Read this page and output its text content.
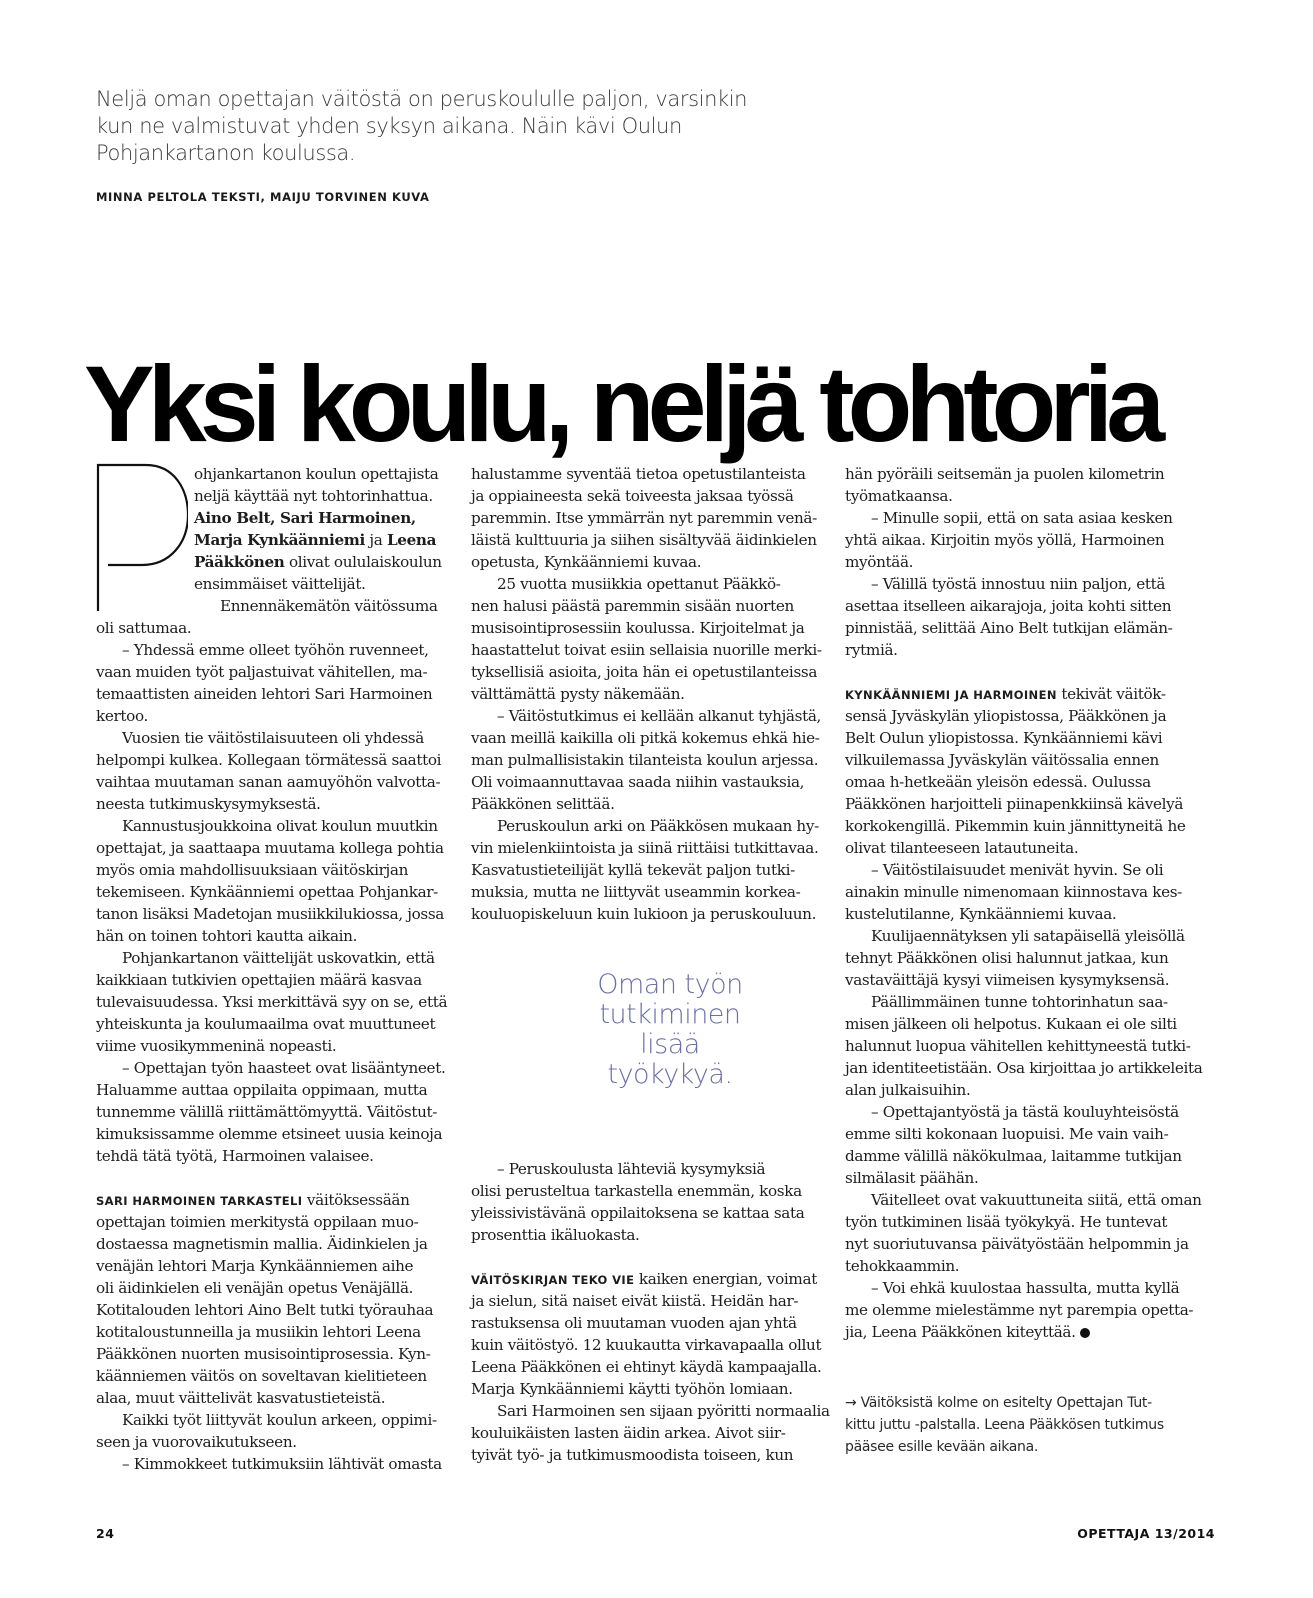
Neljä oman opettajan väitöstä on peruskoululle paljon, varsinkin
kun ne valmistuvat yhden syksyn aikana. Näin kävi Oulun
Pohjankartanon koulussa.
MINNA PELTOLA TEKSTI, MAIJU TORVINEN KUVA
Yksi koulu, neljä tohtoria
ohjankartanon koulun opettajista
neljä käyttää nyt tohtorinhattua.
Aino Belt, Sari Harmoinen,
Marja Kynkäänniemi ja Leena
Pääkkönen olivat oululaiskoulun
ensimmäiset väittelijät.
Ennennäkemätön väitössuma
oli sattumaa.
– Yhdessä emme olleet työhön ruvenneet,
vaan muiden työt paljastuivat vähitellen, ma-
temaattisten aineiden lehtori Sari Harmoinen
kertoo.
Vuosien tie väitöstilaisuuteen oli yhdessä
helpompi kulkea. Kollegaan törmätessä saattoi
vaihtaa muutaman sanan aamuyöhön valvotta-
neesta tutkimuskysymyksestä.
Kannustusjoukkoina olivat koulun muutkin
opettajat, ja saattaapa muutama kollega pohtia
myös omia mahdollisuuksiaan väitöskirjan
tekemiseen. Kynkäänniemi opettaa Pohjankar-
tanon lisäksi Madetojan musiikkilukiossa, jossa
hän on toinen tohtori kautta aikain.
Pohjankartanon väittelijät uskovatkin, että
kaikkiaan tutkivien opettajien määrä kasvaa
tulevaisuudessa. Yksi merkittävä syy on se, että
yhteiskunta ja koulumaailma ovat muuttuneet
viime vuosikymmeninä nopeasti.
– Opettajan työn haasteet ovat lisääntyneet.
Haluamme auttaa oppilaita oppimaan, mutta
tunnemme välillä riittämättömyyttä. Väitöstut-
kimuksissamme olemme etsineet uusia keinoja
tehdä tätä työtä, Harmoinen valaisee.
SARI HARMOINEN TARKASTELI väitöksessään
opettajan toimien merkitystä oppilaan muo-
dostaessa magnetismin mallia. Äidinkielen ja
venäjän lehtori Marja Kynkäänniemen aihe
oli äidinkielen eli venäjän opetus Venäjällä.
Kotitalouden lehtori Aino Belt tutki työrauhaa
kotitaloustunneilla ja musiikin lehtori Leena
Pääkkönen nuorten musisointiprosessia. Kyn-
käänniemen väitös on soveltavan kielitieteen
alaa, muut väittelivät kasvatustieteistä.
Kaikki työt liittyvät koulun arkeen, oppimi-
seen ja vuorovaikutukseen.
– Kimmokkeet tutkimuksiin lähtivät omasta
halustamme syventää tietoa opetustilanteista
ja oppiaineesta sekä toiveesta jaksaa työssä
paremmin. Itse ymmärrän nyt paremmin venä-
läistä kulttuuria ja siihen sisältyvää äidinkielen
opetusta, Kynkäänniemi kuvaa.
25 vuotta musiikkia opettanut Pääkkö-
nen halusi päästä paremmin sisään nuorten
musisointiprosessiin koulussa. Kirjoitelmat ja
haastattelut toivat esiin sellaisia nuorille merki-
tyksellisiä asioita, joita hän ei opetustilanteissa
välttämättä pysty näkemään.
– Väitöstutkimus ei kellään alkanut tyhjästä,
vaan meillä kaikilla oli pitkä kokemus ehkä hie-
man pulmallisistakin tilanteista koulun arjessa.
Oli voimaannuttavaa saada niihin vastauksia,
Pääkkönen selittää.
Peruskoulun arki on Pääkkösen mukaan hy-
vin mielenkiintoista ja siinä riittäisi tutkittavaa.
Kasvatustieteilijät kyllä tekevät paljon tutki-
muksia, mutta ne liittyvät useammin korkea-
kouluopiskeluun kuin lukioon ja peruskouluun.
– Peruskoulusta lähteviä kysymyksiä
olisi perusteltua tarkastella enemmän, koska
yleissivistävänä oppilaitoksena se kattaa sata
prosenttia ikäluokasta.
VÄITÖSKIRJAN TEKO VIE kaiken energian, voimat
ja sielun, sitä naiset eivät kiistä. Heidän har-
rastuksensa oli muutaman vuoden ajan yhtä
kuin väitöstyö. 12 kuukautta virkavapaalla ollut
Leena Pääkkönen ei ehtinyt käydä kampaajalla.
Marja Kynkäänniemi käytti työhön lomiaan.
Sari Harmoinen sen sijaan pyöritti normaalia
kouluikäisten lasten äidin arkea. Aivot siir-
tyivät työ- ja tutkimusmoodista toiseen, kun
hän pyöräili seitsemän ja puolen kilometrin
työmatkaansa.
– Minulle sopii, että on sata asiaa kesken
yhtä aikaa. Kirjoitin myös yöllä, Harmoinen
myöntää.
– Välillä työstä innostuu niin paljon, että
asettaa itselleen aikarajoja, joita kohti sitten
pinnistää, selittää Aino Belt tutkijan elämän-
rytmiä.
KYNKÄÄNNIEMI JA HARMOINEN tekivät väitök-
sensä Jyväskylän yliopistossa, Pääkkönen ja
Belt Oulun yliopistossa. Kynkäänniemi kävi
vilkuilemassa Jyväskylän väitössalia ennen
omaa h-hetkeään yleisön edessä. Oulussa
Pääkkönen harjoitteli piinapenkkiinsä kävelyä
korkokengillä. Pikemmin kuin jännittyneitä he
olivat tilanteeseen latautuneita.
– Väitöstilaisuudet menivät hyvin. Se oli
ainakin minulle nimenomaan kiinnostava kes-
kustelutilanne, Kynkäänniemi kuvaa.
Kuulijaennätyksen yli satapäisellä yleisöllä
tehnyt Pääkkönen olisi halunnut jatkaa, kun
vastaväittäjä kysyi viimeisen kysymyksensä.
Päällimmäinen tunne tohtorinhatun saa-
misen jälkeen oli helpotus. Kukaan ei ole silti
halunnut luopua vähitellen kehittyneestä tutki-
jan identiteetistään. Osa kirjoittaa jo artikkeleita
alan julkaisuihin.
– Opettajantyöstä ja tästä kouluyhteisöstä
emme silti kokonaan luopuisi. Me vain vaih-
damme välillä näkökulmaa, laitamme tutkijan
silmälasit päähän.
Väitelleet ovat vakuuttuneita siitä, että oman
työn tutkiminen lisää työkykyä. He tuntevat
nyt suoriutuvansa päivätyöstään helpommin ja
tehokkaammin.
– Voi ehkä kuulostaa hassulta, mutta kyllä
me olemme mielestämme nyt parempia opetta-
jia, Leena Pääkkönen kiteyttää.
Oman työn
tutkiminen
lisää
työkykyä.
→ Väitöksistä kolme on esitelty Opettajan Tut-
kittu juttu -palstalla. Leena Pääkkösen tutkimus
pääsee esille kevään aikana.
24	OPETTAJA 13/2014
